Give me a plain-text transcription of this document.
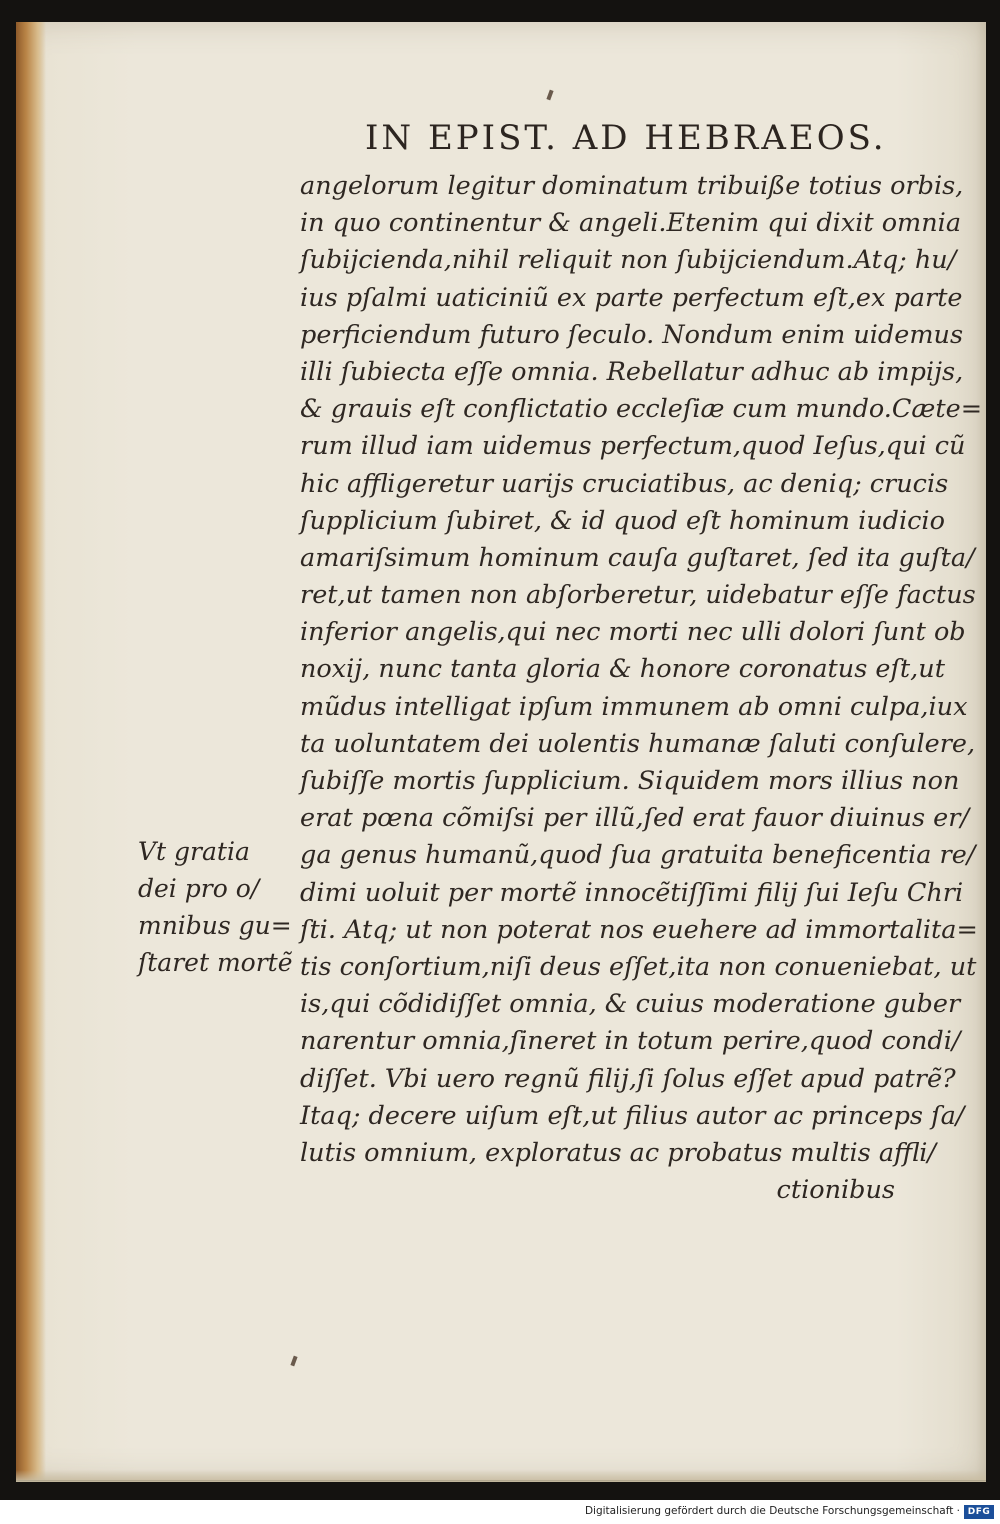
IN EPIST. AD HEBRAEOS.
angelorum legitur dominatum tribuiße totius orbis,
in quo continentur & angeli.Etenim qui dixit omnia
ſubijcienda,nihil reliquit non ſubijciendum.Atq; hu/
ius pſalmi uaticiniũ ex parte perfectum eſt,ex parte
perficiendum futuro ſeculo. Nondum enim uidemus
illi ſubiecta eſſe omnia. Rebellatur adhuc ab impijs,
& grauis eſt conflictatio eccleſiæ cum mundo.Cæte=
rum illud iam uidemus perfectum,quod Ieſus,qui cũ
hic affligeretur uarijs cruciatibus, ac deniq; crucis
ſupplicium ſubiret, & id quod eſt hominum iudicio
amariſsimum hominum cauſa guſtaret, ſed ita guſta/
ret,ut tamen non abſorberetur, uidebatur eſſe factus
inferior angelis,qui nec morti nec ulli dolori ſunt ob
noxij, nunc tanta gloria & honore coronatus eſt,ut
mũdus intelligat ipſum immunem ab omni culpa,iux
ta uoluntatem dei uolentis humanæ ſaluti conſulere,
ſubiſſe mortis ſupplicium. Siquidem mors illius non
erat pœna cõmiſsi per illũ,ſed erat fauor diuinus er/
ga genus humanũ,quod ſua gratuita beneficentia re/
dimi uoluit per mortẽ innocẽtiſſimi filij ſui Ieſu Chri
ſti. Atq; ut non poterat nos euehere ad immortalita=
tis conſortium,niſi deus eſſet,ita non conueniebat, ut
is,qui cõdidiſſet omnia, & cuius moderatione guber
narentur omnia,ſineret in totum perire,quod condi/
diſſet. Vbi uero regnũ filij,ſi ſolus eſſet apud patrẽ?
Itaq; decere uiſum eſt,ut filius autor ac princeps ſa/
lutis omnium, exploratus ac probatus multis affli/
ctionibus
Vt gratia
dei pro o/
mnibus gu=
ſtaret mortẽ
Digitalisierung gefördert durch die Deutsche Forschungsgemeinschaft · DFG
